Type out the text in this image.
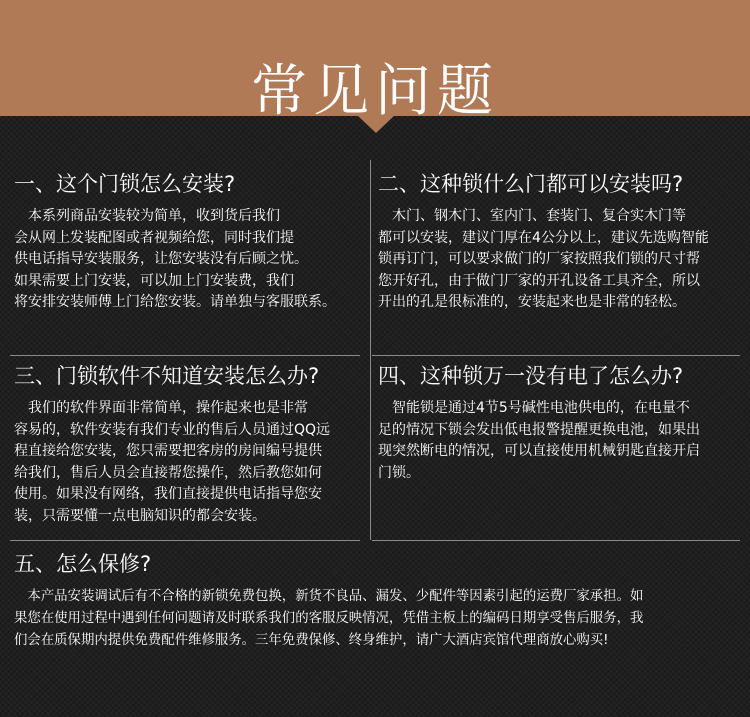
常见问题
一、这个门锁怎么安装?

　本系列商品安装较为简单，收到货后我们
会从网上发装配图或者视频给您，同时我们提
供电话指导安装服务，让您安装没有后顾之忧。
如果需要上门安装，可以加上门安装费，我们
将安排安装师傅上门给您安装。请单独与客服联系。

二、这种锁什么门都可以安装吗?

　木门、钢木门、室内门、套装门、复合实木门等
都可以安装，建议门厚在4公分以上，建议先选购智能
锁再订门，可以要求做门的厂家按照我们锁的尺寸帮
您开好孔，由于做门厂家的开孔设备工具齐全，所以
开出的孔是很标准的，安装起来也是非常的轻松。

三、门锁软件不知道安装怎么办?

　我们的软件界面非常简单，操作起来也是非常
容易的，软件安装有我们专业的售后人员通过QQ远
程直接给您安装，您只需要把客房的房间编号提供
给我们，售后人员会直接帮您操作，然后教您如何
使用。如果没有网络，我们直接提供电话指导您安
装，只需要懂一点电脑知识的都会安装。

四、这种锁万一没有电了怎么办?

　智能锁是通过4节5号碱性电池供电的，在电量不
足的情况下锁会发出低电报警提醒更换电池，如果出
现突然断电的情况，可以直接使用机械钥匙直接开启
门锁。

五、怎么保修?

　本产品安装调试后有不合格的新锁免费包换，新货不良品、漏发、少配件等因素引起的运费厂家承担。如
果您在使用过程中遇到任何问题请及时联系我们的客服反映情况，凭借主板上的编码日期享受售后服务，我
们会在质保期内提供免费配件维修服务。三年免费保修、终身维护，请广大酒店宾馆代理商放心购买!
